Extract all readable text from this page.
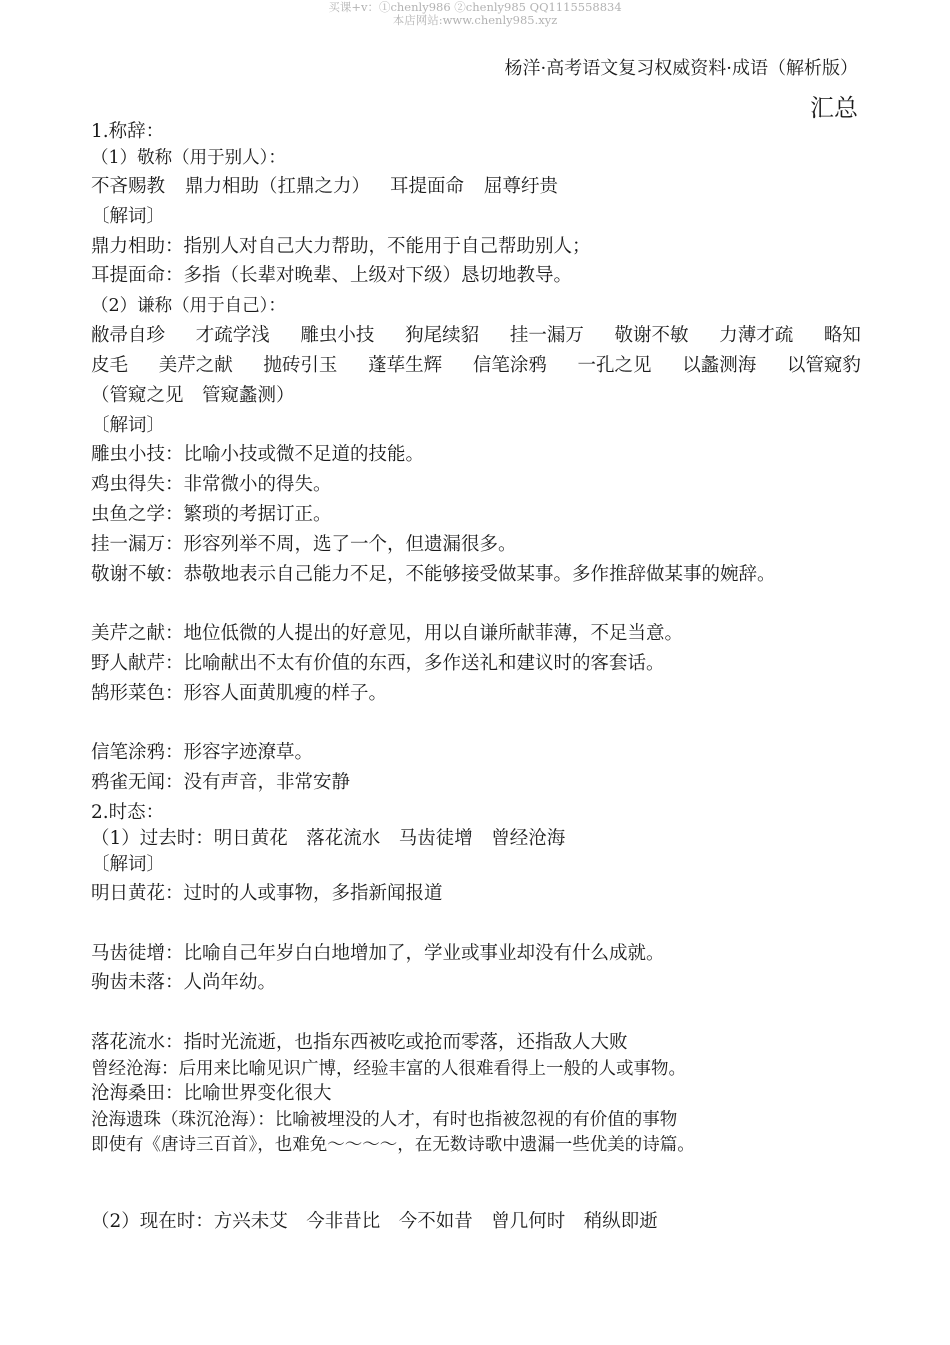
买课+v：①chenly986 ②chenly985 QQ1115558834
本店网站:www.chenly985.xyz
杨洋·高考语文复习权威资料·成语（解析版）
汇总
1.称辞：
（1）敬称（用于别人）：
不吝赐教 鼎力相助（扛鼎之力） 耳提面命 屈尊纡贵
〔解词〕
鼎力相助：指别人对自己大力帮助，不能用于自己帮助别人；
耳提面命：多指（长辈对晚辈、上级对下级）恳切地教导。
（2）谦称（用于自己）：
敝帚自珍 才疏学浅 雕虫小技 狗尾续貂 挂一漏万 敬谢不敏 力薄才疏 略知
皮毛 美芹之献 抛砖引玉 蓬荜生辉 信笔涂鸦 一孔之见 以蠡测海 以管窥豹
（管窥之见　管窥蠡测）
〔解词〕
雕虫小技：比喻小技或微不足道的技能。
鸡虫得失：非常微小的得失。
虫鱼之学：繁琐的考据订正。
挂一漏万：形容列举不周，选了一个，但遗漏很多。
敬谢不敏：恭敬地表示自己能力不足，不能够接受做某事。多作推辞做某事的婉辞。
美芹之献：地位低微的人提出的好意见，用以自谦所献菲薄，不足当意。
野人献芹：比喻献出不太有价值的东西，多作送礼和建议时的客套话。
鹄形菜色：形容人面黄肌瘦的样子。
信笔涂鸦：形容字迹潦草。
鸦雀无闻：没有声音，非常安静
2.时态：
（1）过去时：明日黄花　落花流水　马齿徒增　曾经沧海
〔解词〕
明日黄花：过时的人或事物，多指新闻报道
马齿徒增：比喻自己年岁白白地增加了，学业或事业却没有什么成就。
驹齿未落：人尚年幼。
落花流水：指时光流逝，也指东西被吃或抢而零落，还指敌人大败
曾经沧海：后用来比喻见识广博，经验丰富的人很难看得上一般的人或事物。
沧海桑田：比喻世界变化很大
沧海遗珠（珠沉沧海）：比喻被埋没的人才，有时也指被忽视的有价值的事物
即使有《唐诗三百首》，也难免～～～～，在无数诗歌中遗漏一些优美的诗篇。
（2）现在时：方兴未艾　今非昔比　今不如昔　曾几何时　稍纵即逝
